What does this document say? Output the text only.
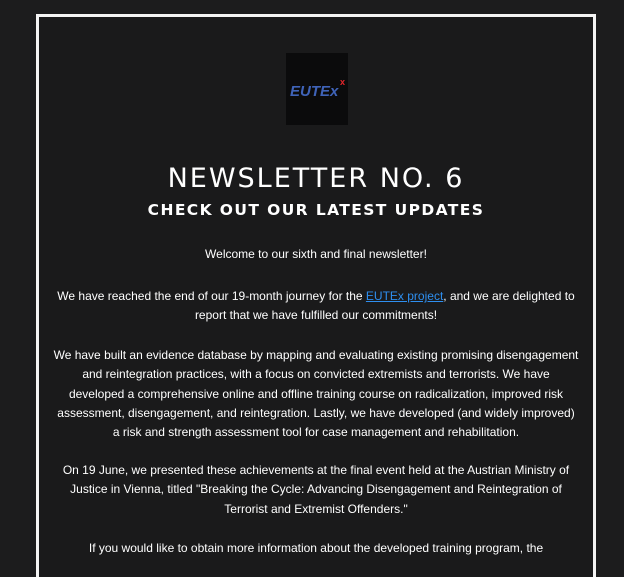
EUTEx
x
NEWSLETTER NO. 6
CHECK OUT OUR LATEST UPDATES

Welcome to our sixth and final newsletter!

We have reached the end of our 19-month journey for the EUTEx project, and we are delighted to report that we have fulfilled our commitments!

We have built an evidence database by mapping and evaluating existing promising disengagement and reintegration practices, with a focus on convicted extremists and terrorists. We have developed a comprehensive online and offline training course on radicalization, improved risk assessment, disengagement, and reintegration. Lastly, we have developed (and widely improved) a risk and strength assessment tool for case management and rehabilitation.

On 19 June, we presented these achievements at the final event held at the Austrian Ministry of Justice in Vienna, titled "Breaking the Cycle: Advancing Disengagement and Reintegration of Terrorist and Extremist Offenders."

If you would like to obtain more information about the developed training program, the
